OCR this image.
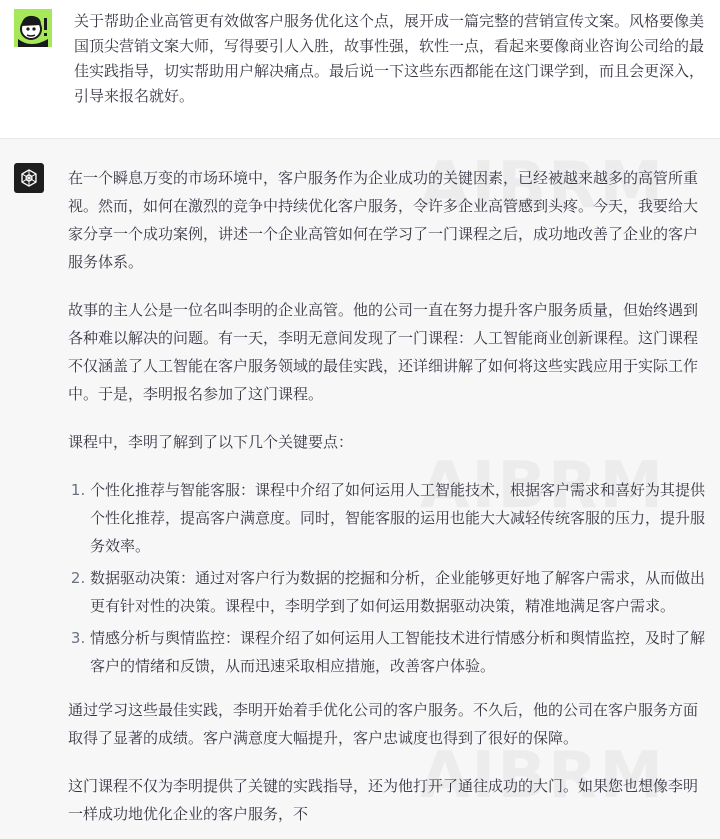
关于帮助企业高管更有效做客户服务优化这个点，展开成一篇完整的营销宣传文案。风格要像美国顶尖营销文案大师，写得要引人入胜，故事性强，软性一点，看起来要像商业咨询公司给的最佳实践指导，切实帮助用户解决痛点。最后说一下这些东西都能在这门课学到，而且会更深入，引导来报名就好。

在一个瞬息万变的市场环境中，客户服务作为企业成功的关键因素，已经被越来越多的高管所重视。然而，如何在激烈的竞争中持续优化客户服务，令许多企业高管感到头疼。今天，我要给大家分享一个成功案例，讲述一个企业高管如何在学习了一门课程之后，成功地改善了企业的客户服务体系。

故事的主人公是一位名叫李明的企业高管。他的公司一直在努力提升客户服务质量，但始终遇到各种难以解决的问题。有一天，李明无意间发现了一门课程：人工智能商业创新课程。这门课程不仅涵盖了人工智能在客户服务领域的最佳实践，还详细讲解了如何将这些实践应用于实际工作中。于是，李明报名参加了这门课程。

课程中，李明了解到了以下几个关键要点：

1. 个性化推荐与智能客服：课程中介绍了如何运用人工智能技术，根据客户需求和喜好为其提供个性化推荐，提高客户满意度。同时，智能客服的运用也能大大减轻传统客服的压力，提升服务效率。
2. 数据驱动决策：通过对客户行为数据的挖掘和分析，企业能够更好地了解客户需求，从而做出更有针对性的决策。课程中，李明学到了如何运用数据驱动决策，精准地满足客户需求。
3. 情感分析与舆情监控：课程介绍了如何运用人工智能技术进行情感分析和舆情监控，及时了解客户的情绪和反馈，从而迅速采取相应措施，改善客户体验。

通过学习这些最佳实践，李明开始着手优化公司的客户服务。不久后，他的公司在客户服务方面取得了显著的成绩。客户满意度大幅提升，客户忠诚度也得到了很好的保障。

这门课程不仅为李明提供了关键的实践指导，还为他打开了通往成功的大门。如果您也想像李明一样成功地优化企业的客户服务，不
